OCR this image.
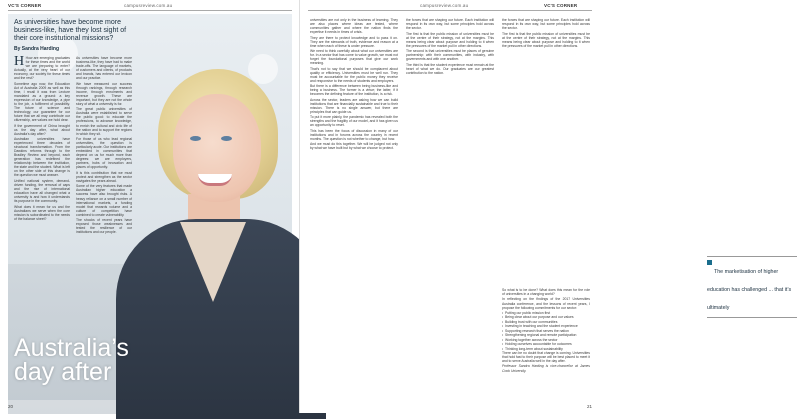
VC'S CORNER	campusreview.com.au
As universities have become more business-like, have they lost sight of their core institutional missions?
By Sandra Harding

H How are emerging graduates for these times and the world we are preparing to enter? Actually, at the very heart of our economy, our society for these times and the rest?

Sometime ago now, the Education Act of Australia 2009 as well as this time, I recall it was from Lecture mandated as a ground: a key expression of our knowledge, a pipe to the job, a fulfilment of possibility. The future of science and technology, our guarantee for our future that we all may contribute our citizenship, are values we hold dear.

If the government of China brought us the day after, what about Australia’s day after?

Australian universities have experienced three decades of structural transformation. From the Dawkins reforms through to the Bradley Review and beyond, each generation has redefined the relationship between the institution, the state and the student. What is left on the other side of this change is the question we must answer.

Unified national system, demand-driven funding, the removal of caps and the rise of international education have all changed what a university is and how it understands its purpose in the community.

What does it mean for us and the Australians we serve when the core mission is subordinated to the needs of the balance sheet?

As universities have become more business-like, they have had to make trade-offs. The language of markets, of customers and clients, of products and brands, has entered our lexicon and our practice.

We have measured our success through rankings, through research income, through enrolments and revenue growth. These are important, but they are not the whole story of what a university is for.

The great public universities of Australia were established to serve the public good: to educate the professions, to advance knowledge, to enrich the cultural and civic life of the nation and to support the regions in which they sit.

For those of us who lead regional universities, the question is particularly acute. Our institutions are embedded in communities that depend on us for much more than degrees: we are employers, partners, hubs of innovation and places of opportunity.

It is this contribution that we must protect and strengthen as the sector navigates the years ahead.

Some of the very features that made Australian higher education a success have also brought risks. A heavy reliance on a small number of international markets, a funding model that rewards volume and a culture of competition have combined to create vulnerability.

The shocks of recent years have exposed those weaknesses and tested the resilience of our institutions and our people.

Australia’s
day after
20
campusreview.com.au	VC'S CORNER

universities are not only in the business of learning. They are also places where ideas are tested, where communities gather and where the nation finds the expertise it needs in times of crisis.

They are there to protect knowledge and to pass it on. They are the stewards of truth, evidence and reason at a time when each of these is under pressure.

We need to think carefully about what our universities are for. In a sector that has come to value growth, we must not forget the foundational purposes that give our work meaning.

That’s not to say that we should be complacent about quality or efficiency. Universities must be well run. They must be accountable for the public money they receive and responsive to the needs of students and employers.

But there is a difference between being business-like and being a business. The former is a virtue; the latter, if it becomes the defining feature of the institution, is a risk.

Across the sector, leaders are asking how we can build institutions that are financially sustainable and true to their mission. There is no single answer, but there are principles that can guide us.

To put it more plainly, the pandemic has revealed both the strengths and the fragility of our model, and it has given us an opportunity to reset.

This has been the focus of discussion in many of our institutions and in forums across the country in recent months. The question is not whether to change, but how.

And we must do this together. We will be judged not only by what we have built but by what we choose to protect.

the forces that are shaping our future. Each institution will respond in its own way, but some principles hold across the sector.

The first is that the public mission of universities must be at the centre of their strategy, not at the margins. This means being clear about purpose and holding to it when the pressures of the market pull in other directions.

The second is that universities must be places of genuine partnership: with their communities, with industry, with governments and with one another.

The third is that the student experience must remain at the heart of what we do. Our graduates are our greatest contribution to the nation.

the forces that are shaping our future. Each institution will respond in its own way, but some principles hold across the sector.

The first is that the public mission of universities must be at the centre of their strategy, not at the margins. This means being clear about purpose and holding to it when the pressures of the market pull in other directions.

The marketisation of higher education has challenged ... that it’s ultimately

So what is to be done? What does this mean for the role of universities in a changing world?

In reflecting on the findings of the 2017 Universities Australia conference, and the lessons of recent years, I propose the following commitments for our sector:

• Putting our public mission first
• Being clear about our purpose and our values
• Building trust with our communities
• Investing in teaching and the student experience
• Supporting research that serves the nation
• Strengthening regional and remote participation
• Working together across the sector
• Holding ourselves accountable for outcomes
• Thinking long-term about sustainability

There can be no doubt that change is coming. Universities that hold fast to their purpose will be best placed to meet it and to serve Australia well in the day after.

Professor Sandra Harding is vice-chancellor at James Cook University.

21
